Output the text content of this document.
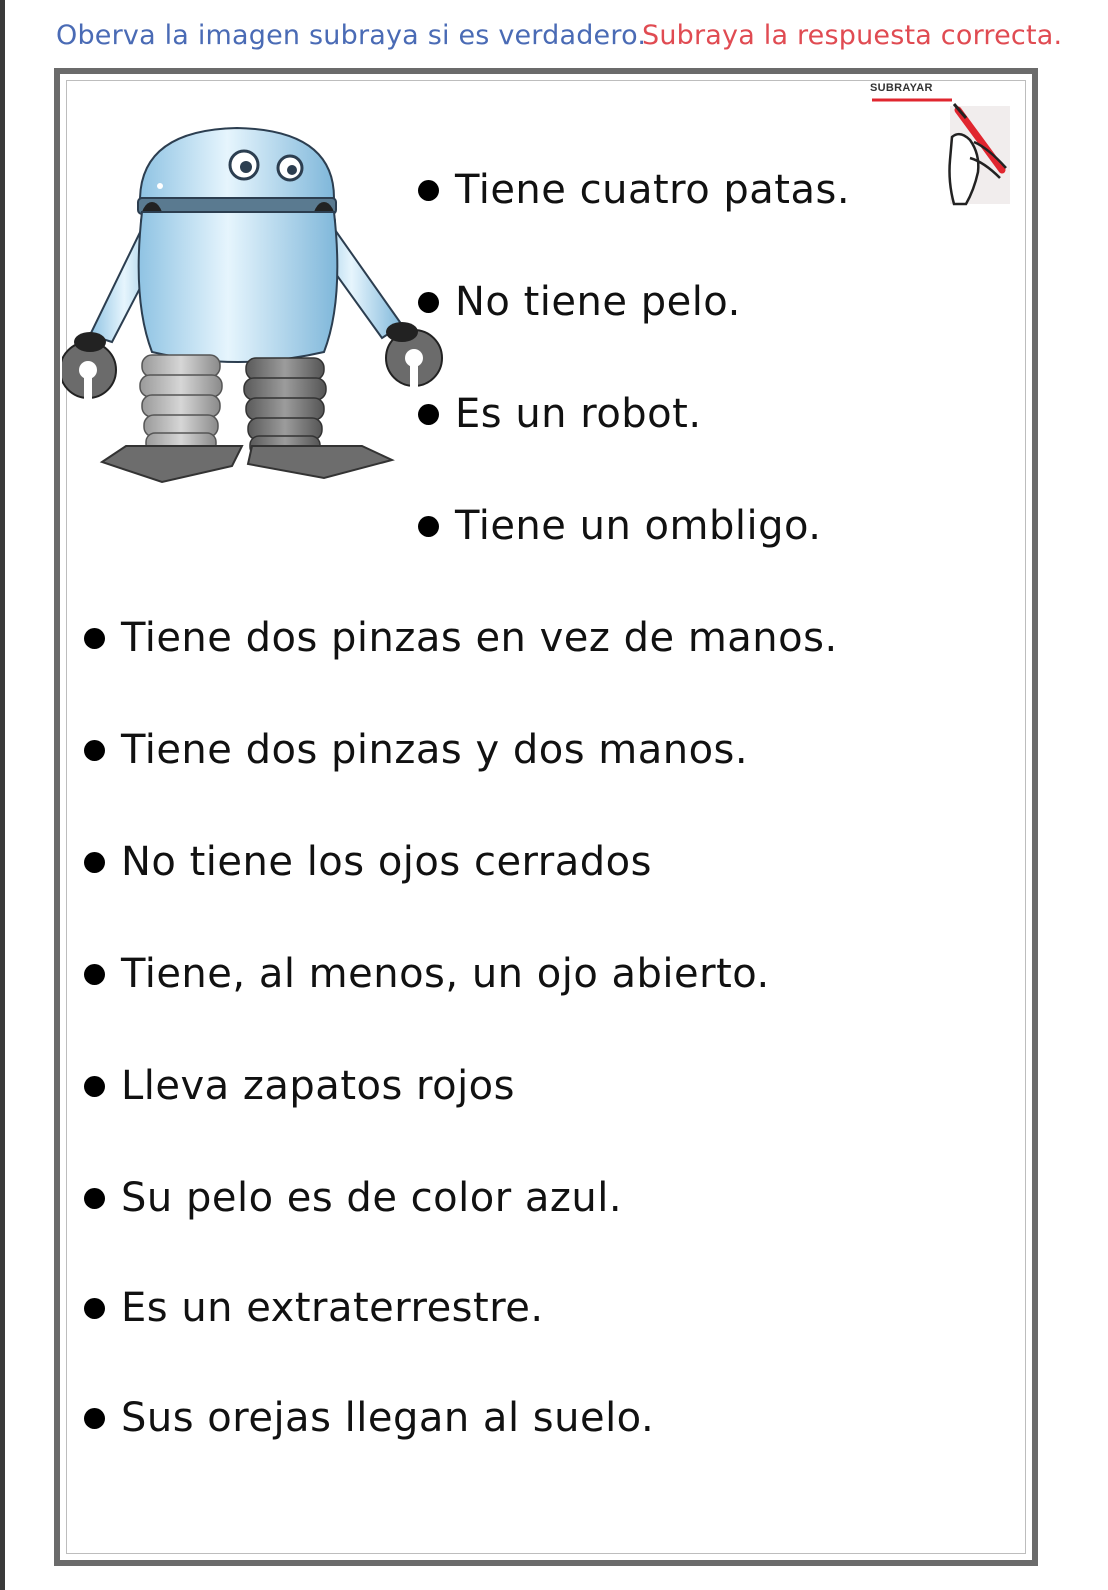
Oberva la imagen subraya si es verdadero.
Subraya la respuesta correcta.
SUBRAYAR
Tiene cuatro patas.
No tiene pelo.
Es un robot.
Tiene un ombligo.
Tiene dos pinzas en vez de manos.
Tiene dos pinzas y dos manos.
No tiene los ojos cerrados
Tiene, al menos, un ojo abierto.
Lleva zapatos rojos
Su pelo es de color azul.
Es un extraterrestre.
Sus orejas llegan al suelo.
